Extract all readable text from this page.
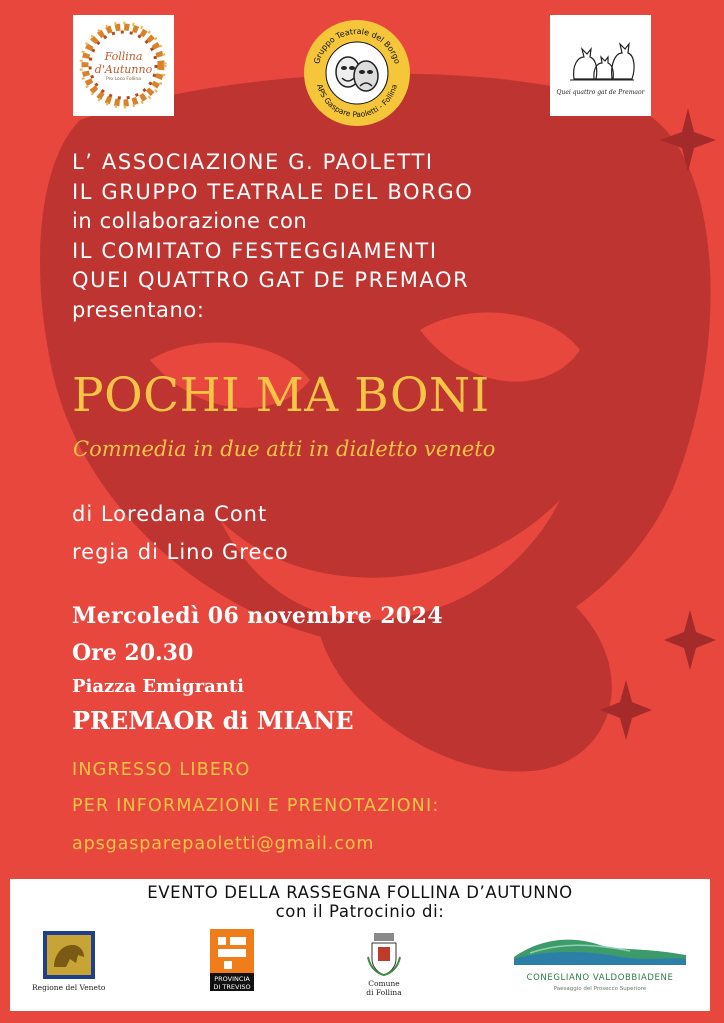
Follina
d'Autunno
Pro Loco Follina
Gruppo Teatrale del Borgo
APS Gaspare Paoletti - Follina
Quei quattro gat de Premaor
L’ ASSOCIAZIONE G. PAOLETTI
IL GRUPPO TEATRALE DEL BORGO
in collaborazione con
IL COMITATO FESTEGGIAMENTI
QUEI QUATTRO GAT DE PREMAOR
presentano:
POCHI MA BONI
Commedia in due atti in dialetto veneto
di Loredana Cont
regia di Lino Greco
Mercoledì 06 novembre 2024
Ore 20.30
Piazza Emigranti
PREMAOR di MIANE
INGRESSO LIBERO
PER INFORMAZIONI E PRENOTAZIONI:
apsgasparepaoletti@gmail.com
EVENTO DELLA RASSEGNA FOLLINA D’AUTUNNO
con il Patrocinio di:
Regione del Veneto
PROVINCIA
DI TREVISO	Comune
di Follina
CONEGLIANO VALDOBBIADENE
Paesaggio del Prosecco Superiore
